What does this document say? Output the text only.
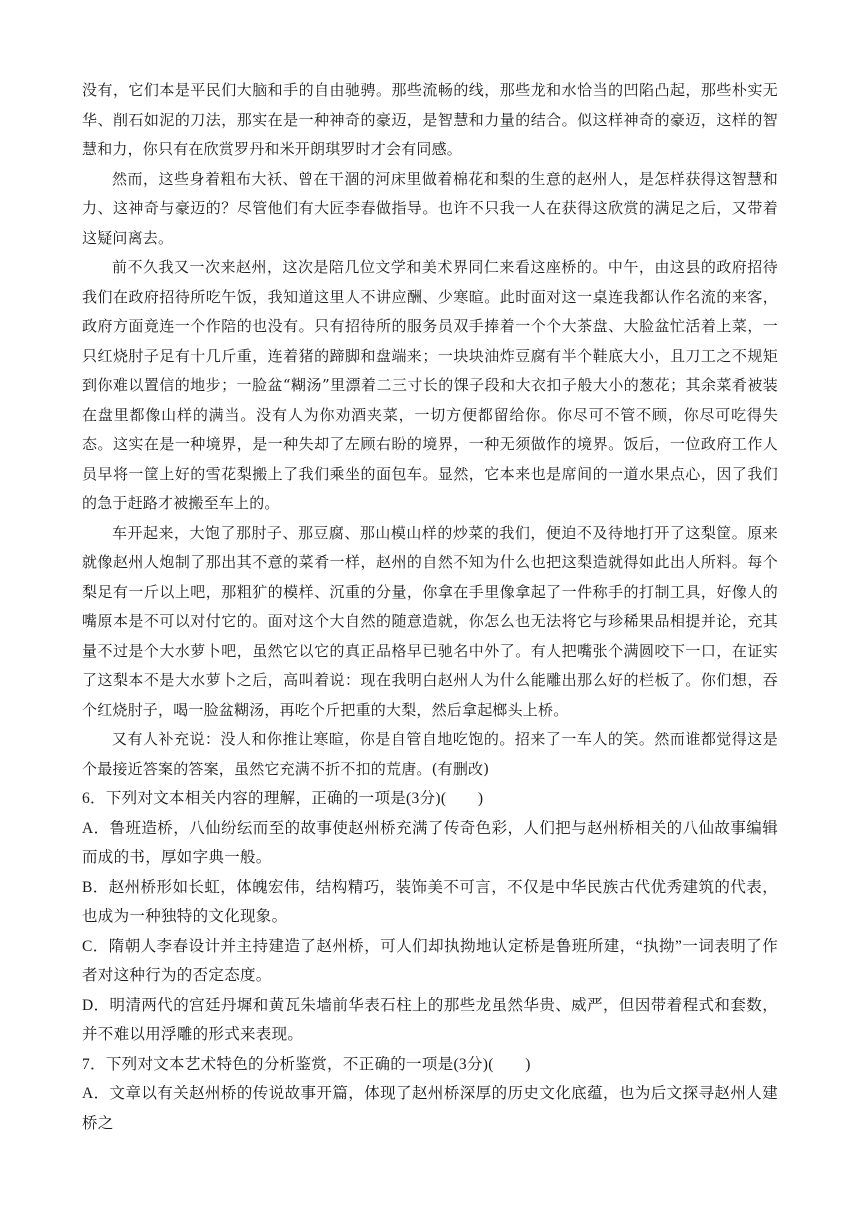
没有，它们本是平民们大脑和手的自由驰骋。那些流畅的线，那些龙和水恰当的凹陷凸起，那些朴实无华、削石如泥的刀法，那实在是一种神奇的豪迈，是智慧和力量的结合。似这样神奇的豪迈，这样的智慧和力，你只有在欣赏罗丹和米开朗琪罗时才会有同感。

然而，这些身着粗布大袄、曾在干涸的河床里做着棉花和梨的生意的赵州人，是怎样获得这智慧和力、这神奇与豪迈的？尽管他们有大匠李春做指导。也许不只我一人在获得这欣赏的满足之后，又带着这疑问离去。

前不久我又一次来赵州，这次是陪几位文学和美术界同仁来看这座桥的。中午，由这县的政府招待我们在政府招待所吃午饭，我知道这里人不讲应酬、少寒暄。此时面对这一桌连我都认作名流的来客，政府方面竟连一个作陪的也没有。只有招待所的服务员双手捧着一个个大茶盘、大脸盆忙活着上菜，一只红烧肘子足有十几斤重，连着猪的蹄脚和盘端来；一块块油炸豆腐有半个鞋底大小，且刀工之不规矩到你难以置信的地步；一脸盆“糊汤”里漂着二三寸长的馃子段和大衣扣子般大小的葱花；其余菜肴被装在盘里都像山样的满当。没有人为你劝酒夹菜，一切方便都留给你。你尽可不管不顾，你尽可吃得失态。这实在是一种境界，是一种失却了左顾右盼的境界，一种无须做作的境界。饭后，一位政府工作人员早将一筐上好的雪花梨搬上了我们乘坐的面包车。显然，它本来也是席间的一道水果点心，因了我们的急于赶路才被搬至车上的。

车开起来，大饱了那肘子、那豆腐、那山模山样的炒菜的我们，便迫不及待地打开了这梨筐。原来就像赵州人炮制了那出其不意的菜肴一样，赵州的自然不知为什么也把这梨造就得如此出人所料。每个梨足有一斤以上吧，那粗犷的模样、沉重的分量，你拿在手里像拿起了一件称手的打制工具，好像人的嘴原本是不可以对付它的。面对这个大自然的随意造就，你怎么也无法将它与珍稀果品相提并论，充其量不过是个大水萝卜吧，虽然它以它的真正品格早已驰名中外了。有人把嘴张个满圆咬下一口，在证实了这梨本不是大水萝卜之后，高叫着说：现在我明白赵州人为什么能雕出那么好的栏板了。你们想，吞个红烧肘子，喝一脸盆糊汤，再吃个斤把重的大梨，然后拿起榔头上桥。

又有人补充说：没人和你推让寒暄，你是自管自地吃饱的。招来了一车人的笑。然而谁都觉得这是个最接近答案的答案，虽然它充满不折不扣的荒唐。(有删改)

6．下列对文本相关内容的理解，正确的一项是(3分)(　　)

A．鲁班造桥，八仙纷纭而至的故事使赵州桥充满了传奇色彩，人们把与赵州桥相关的八仙故事编辑而成的书，厚如字典一般。

B．赵州桥形如长虹，体魄宏伟，结构精巧，装饰美不可言，不仅是中华民族古代优秀建筑的代表，也成为一种独特的文化现象。

C．隋朝人李春设计并主持建造了赵州桥，可人们却执拗地认定桥是鲁班所建，“执拗”一词表明了作者对这种行为的否定态度。

D．明清两代的宫廷丹墀和黄瓦朱墙前华表石柱上的那些龙虽然华贵、威严，但因带着程式和套数，并不难以用浮雕的形式来表现。

7．下列对文本艺术特色的分析鉴赏，不正确的一项是(3分)(　　)

A．文章以有关赵州桥的传说故事开篇，体现了赵州桥深厚的历史文化底蕴，也为后文探寻赵州人建桥之
